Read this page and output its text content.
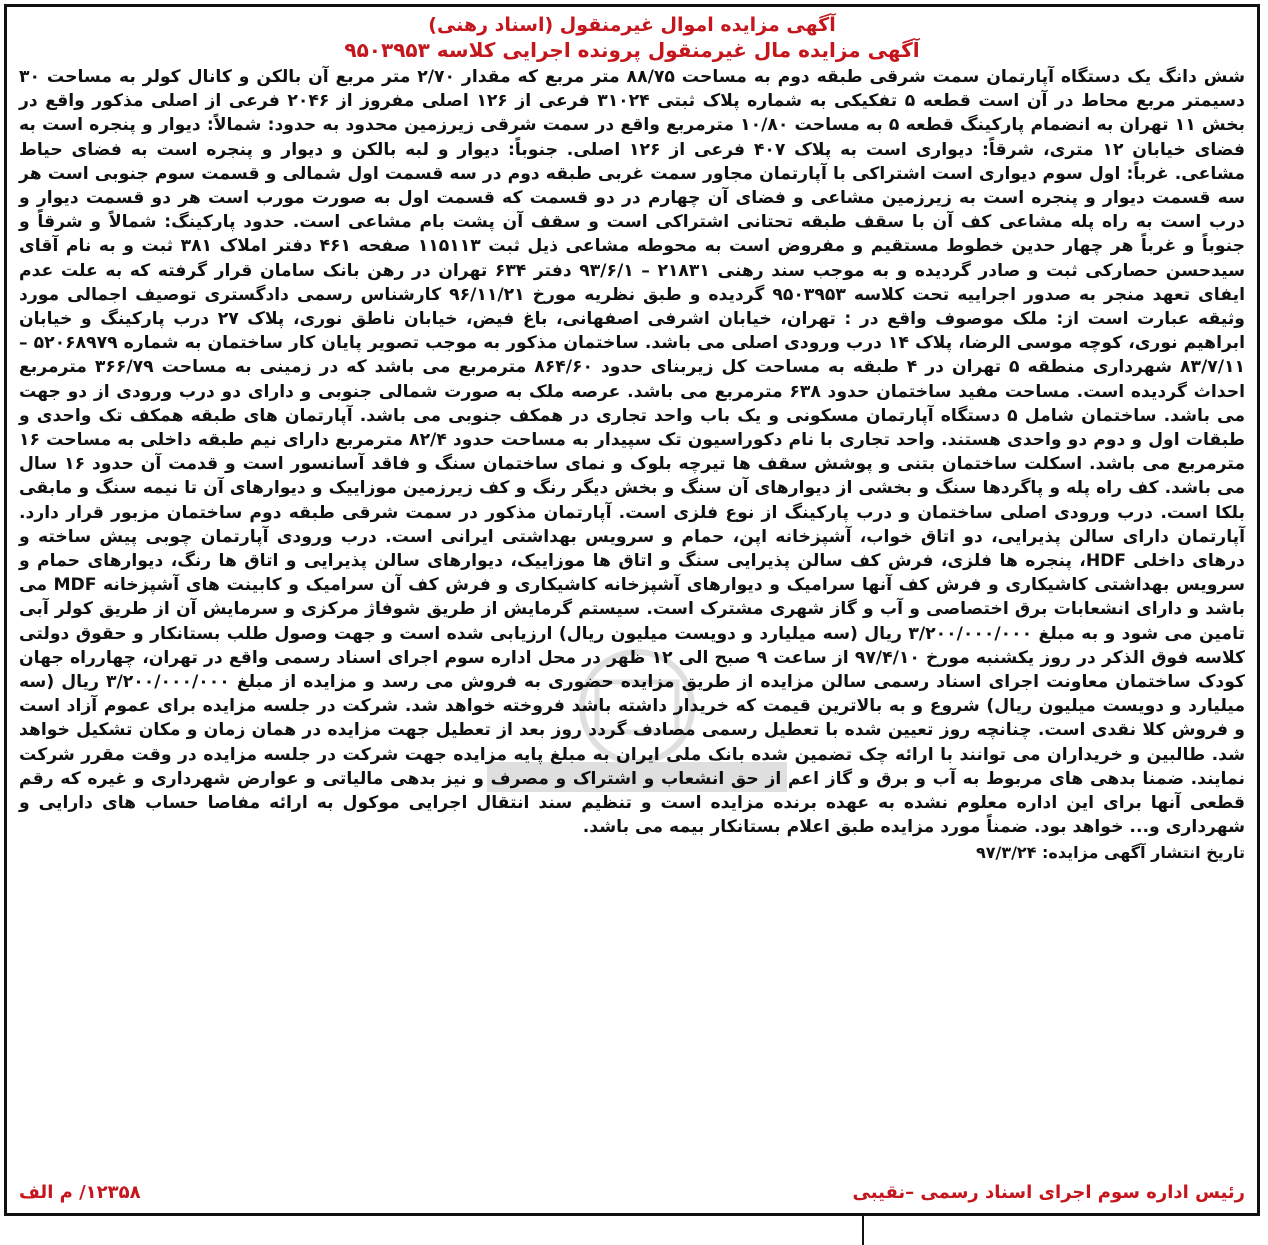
آگهی مزایده اموال غیرمنقول (اسناد رهنی)
آگهی مزایده مال غیرمنقول پرونده اجرایی کلاسه ۹۵۰۳۹۵۳
شش دانگ یک دستگاه آپارتمان سمت شرقی طبقه دوم به مساحت ۸۸/۷۵ متر مربع که مقدار ۲/۷۰ متر مربع آن بالکن و کانال کولر به مساحت ۳۰ دسیمتر مربع محاط در آن است قطعه ۵ تفکیکی به شماره پلاک ثبتی ۳۱۰۲۴ فرعی از ۱۲۶ اصلی مفروز از ۲۰۴۶ فرعی از اصلی مذکور واقع در بخش ۱۱ تهران به انضمام پارکینگ قطعه ۵ به مساحت ۱۰/۸۰ مترمربع واقع در سمت شرقی زیرزمین محدود به حدود: شمالاً: دیوار و پنجره است به فضای خیابان ۱۲ متری، شرقاً: دیواری است به پلاک ۴۰۷ فرعی از ۱۲۶ اصلی. جنوباً: دیوار و لبه بالکن و دیوار و پنجره است به فضای حیاط مشاعی. غرباً: اول سوم دیواری است اشتراکی با آپارتمان مجاور سمت غربی طبقه دوم در سه قسمت اول شمالی و قسمت سوم جنوبی است هر سه قسمت دیوار و پنجره است به زیرزمین مشاعی و فضای آن چهارم در دو قسمت که قسمت اول به صورت مورب است هر دو قسمت دیوار و درب است به راه پله مشاعی کف آن با سقف طبقه تحتانی اشتراکی است و سقف آن پشت بام مشاعی است. حدود پارکینگ: شمالاً و شرقاً و جنوباً و غرباً هر چهار حدین خطوط مستقیم و مفروض است به محوطه مشاعی ذیل ثبت ۱۱۵۱۱۳ صفحه ۴۶۱ دفتر املاک ۳۸۱ ثبت و به نام آقای سیدحسن حصارکی ثبت و صادر گردیده و به موجب سند رهنی ۲۱۸۳۱ – ۹۳/۶/۱ دفتر ۶۳۴ تهران در رهن بانک سامان قرار گرفته که به علت عدم ایفای تعهد منجر به صدور اجراییه تحت کلاسه ۹۵۰۳۹۵۳ گردیده و طبق نظریه مورخ ۹۶/۱۱/۲۱ کارشناس رسمی دادگستری توصیف اجمالی مورد وثیقه عبارت است از: ملک موصوف واقع در : تهران، خیابان اشرفی اصفهانی، باغ فیض، خیابان ناطق نوری، پلاک ۲۷ درب پارکینگ و خیابان ابراهیم نوری، کوچه موسی الرضا، پلاک ۱۴ درب ورودی اصلی می باشد. ساختمان مذکور به موجب تصویر پایان کار ساختمان به شماره ۵۲۰۶۸۹۷۹ – ۸۳/۷/۱۱ شهرداری منطقه ۵ تهران در ۴ طبقه به مساحت کل زیربنای حدود ۸۶۴/۶۰ مترمربع می باشد که در زمینی به مساحت ۳۶۶/۷۹ مترمربع احداث گردیده است. مساحت مفید ساختمان حدود ۶۳۸ مترمربع می باشد. عرصه ملک به صورت شمالی جنوبی و دارای دو درب ورودی از دو جهت می باشد. ساختمان شامل ۵ دستگاه آپارتمان مسکونی و یک باب واحد تجاری در همکف جنوبی می باشد. آپارتمان های طبقه همکف تک واحدی و طبقات اول و دوم دو واحدی هستند. واحد تجاری با نام دکوراسیون تک سپیدار به مساحت حدود ۸۲/۴ مترمربع دارای نیم طبقه داخلی به مساحت ۱۶ مترمربع می باشد. اسکلت ساختمان بتنی و پوشش سقف ها تیرچه بلوک و نمای ساختمان سنگ و فاقد آسانسور است و قدمت آن حدود ۱۶ سال می باشد. کف راه پله و پاگردها سنگ و بخشی از دیوارهای آن سنگ و بخش دیگر رنگ و کف زیرزمین موزاییک و دیوارهای آن تا نیمه سنگ و مابقی بلکا است. درب ورودی اصلی ساختمان و درب پارکینگ از نوع فلزی است. آپارتمان مذکور در سمت شرقی طبقه دوم ساختمان مزبور قرار دارد. آپارتمان دارای سالن پذیرایی، دو اتاق خواب، آشپزخانه اپن، حمام و سرویس بهداشتی ایرانی است. درب ورودی آپارتمان چوبی پیش ساخته و درهای داخلی HDF، پنجره ها فلزی، فرش کف سالن پذیرایی سنگ و اتاق ها موزاییک، دیوارهای سالن پذیرایی و اتاق ها رنگ، دیوارهای حمام و سرویس بهداشتی کاشیکاری و فرش کف آنها سرامیک و دیوارهای آشپزخانه کاشیکاری و فرش کف آن سرامیک و کابینت های آشپزخانه MDF می باشد و دارای انشعابات برق اختصاصی و آب و گاز شهری مشترک است. سیستم گرمایش از طریق شوفاژ مرکزی و سرمایش آن از طریق کولر آبی تامین می شود و به مبلغ ۳/۲۰۰/۰۰۰/۰۰۰ ریال (سه میلیارد و دویست میلیون ریال) ارزیابی شده است و جهت وصول طلب بستانکار و حقوق دولتی کلاسه فوق الذکر در روز یکشنبه مورخ ۹۷/۴/۱۰ از ساعت ۹ صبح الی ۱۲ ظهر در محل اداره سوم اجرای اسناد رسمی واقع در تهران، چهارراه جهان کودک ساختمان معاونت اجرای اسناد رسمی سالن مزایده از طریق مزایده حضوری به فروش می رسد و مزایده از مبلغ ۳/۲۰۰/۰۰۰/۰۰۰ ریال (سه میلیارد و دویست میلیون ریال) شروع و به بالاترین قیمت که خریدار داشته باشد فروخته خواهد شد. شرکت در جلسه مزایده برای عموم آزاد است و فروش کلا نقدی است. چنانچه روز تعیین شده با تعطیل رسمی مصادف گردد روز بعد از تعطیل جهت مزایده در همان زمان و مکان تشکیل خواهد شد. طالبین و خریداران می توانند با ارائه چک تضمین شده بانک ملی ایران به مبلغ پایه مزایده جهت شرکت در جلسه مزایده در وقت مقرر شرکت نمایند. ضمنا بدهی های مربوط به آب و برق و گاز اعم از حق انشعاب و اشتراک و مصرف و نیز بدهی مالیاتی و عوارض شهرداری و غیره که رقم قطعی آنها برای این اداره معلوم نشده به عهده برنده مزایده است و تنظیم سند انتقال اجرایی موکول به ارائه مفاصا حساب های دارایی و شهرداری و... خواهد بود. ضمناً مورد مزایده طبق اعلام بستانکار بیمه می باشد.
تاریخ انتشار آگهی مزایده: ۹۷/۳/۲۴
رئیس اداره سوم اجرای اسناد رسمی –نقیبی
۱۲۳۵۸/ م الف
